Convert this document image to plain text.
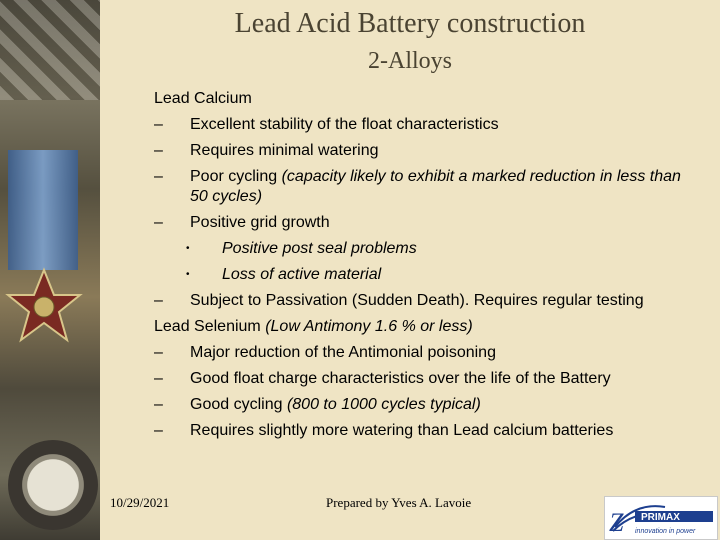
Lead Acid Battery construction
2-Alloys
Lead Calcium
– Excellent stability of the float characteristics
– Requires minimal watering
– Poor cycling (capacity likely to exhibit a marked reduction in less than 50 cycles)
– Positive grid growth
• Positive post seal problems
• Loss of active material
– Subject to Passivation (Sudden Death). Requires regular testing
Lead Selenium (Low Antimony 1.6 % or less)
– Major reduction of the Antimonial poisoning
– Good float charge characteristics over the life of the Battery
– Good cycling (800 to 1000 cycles typical)
– Requires slightly more watering than Lead calcium batteries
10/29/2021	Prepared by Yves A. Lavoie
Z PRIMAX
innovation in power
